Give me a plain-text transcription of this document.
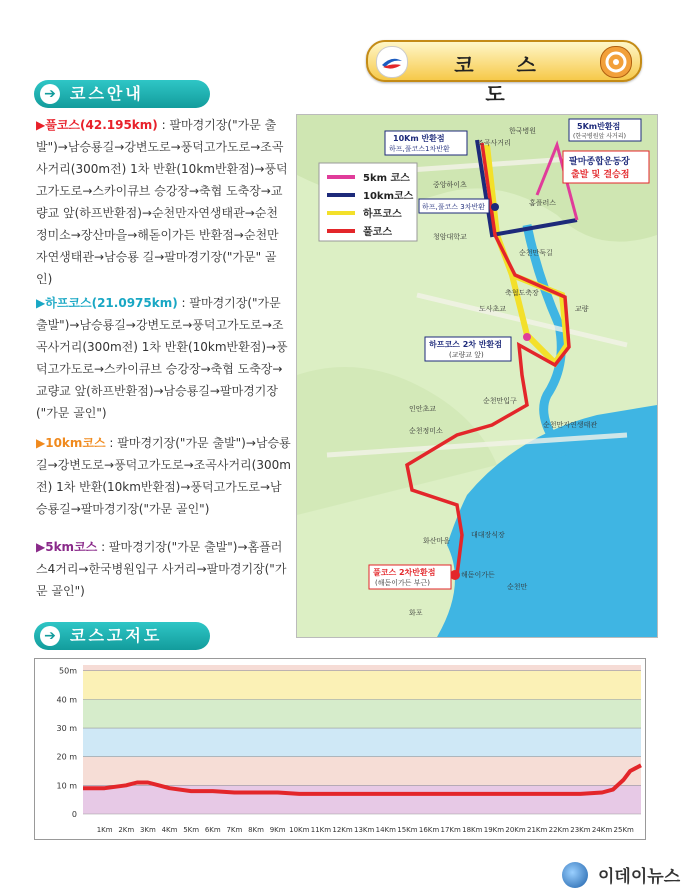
코 스 도
➔ 코스안내
▶풀코스(42.195km) : 팔마경기장("가문 출발")→남승룡길→강변도로→풍덕고가도로→조곡사거리(300m전) 1차 반환(10km반환점)→풍덕고가도로→스카이큐브 승강장→축협 도축장→교량교 앞(하프반환점)→순천만자연생태관→순천 정미소→장산마을→해돋이가든 반환점→순천만 자연생태관→남승룡 길→팔마경기장("가문" 골인)
▶하프코스(21.0975km) : 팔마경기장("가문출발")→남승룡길→강변도로→풍덕고가도로→조곡사거리(300m전) 1차 반환(10km반환점)→풍덕고가도로→스카이큐브 승강장→축협 도축장→교량교 앞(하프반환점)→남승룡길→팔마경기장("가문 골인")
▶10km코스 : 팔마경기장("가문 출발")→남승룡길→강변도로→풍덕고가도로→조곡사거리(300m전) 1차 반환(10km반환점)→풍덕고가도로→남승룡길→팔마경기장("가문 골인")
▶5km코스 : 팔마경기장("가문 출발")→홈플러스4거리→한국병원입구 사거리→팔마경기장("가문 골인")
5km 코스
10km코스
하프코스
풀코스
10Km 반환점
하프,풀코스1차반환
5Km반환점
(한국병원앞 사거리)
팔마종합운동장
출발 및 결승점
하프,풀코스 3차반환
하프코스 2차 반환점
(교량교 앞)
풀코스 2차반환점
(해돋이가든 부근)
조곡사거리
한국병원
중앙하이츠
홈플러스
청암대학교
순천만둑길
축협도축장
도사초교	교량
순천만자연생태관
순천만입구
인안초교
순천정미소
대대장식장
화산마을
해돋이가든
순천만
화포
➔ 코스고저도
0
10 m
20 m
30 m
40 m
50m
1Km 2Km 3Km 4Km 5Km 6Km 7Km 8Km 9Km 10Km 11Km 12Km 13Km 14Km 15Km 16Km 17Km 18Km 19Km 20Km 21Km 22Km 23Km 24Km 25Km
이데이뉴스
